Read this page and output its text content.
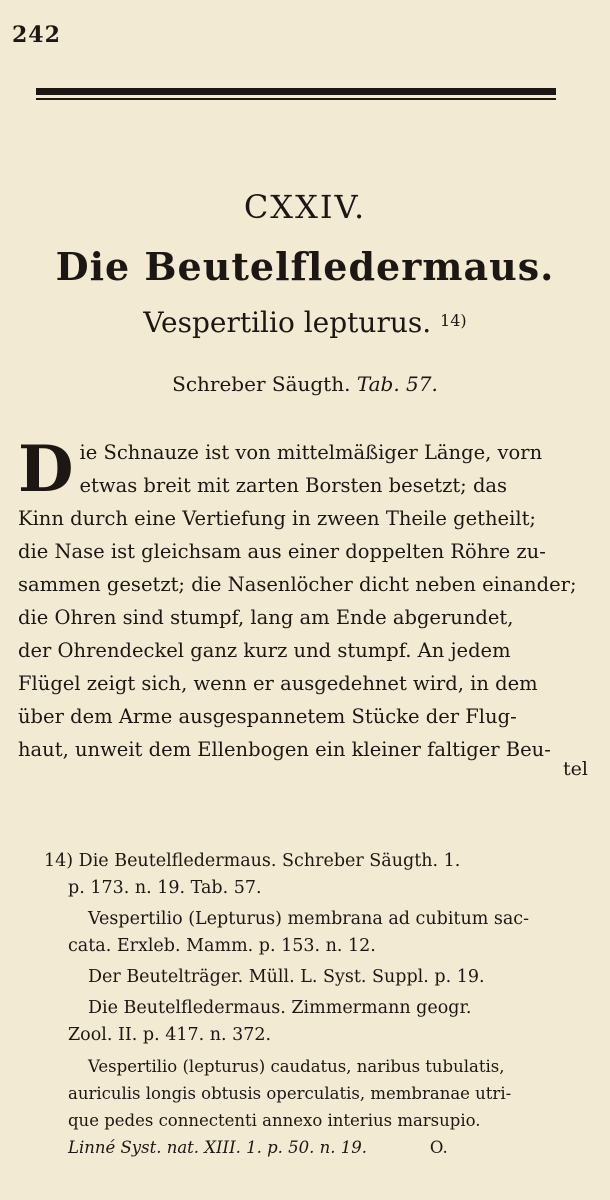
242
CXXIV.
Die Beutelfledermaus.
Vespertilio lepturus. $^{14)}$
Schreber Säugth. Tab. 57.
D ie Schnauze ist von mittelmäßiger Länge, vorn
etwas breit mit zarten Borsten besetzt; das
Kinn durch eine Vertiefung in zween Theile getheilt;
die Nase ist gleichsam aus einer doppelten Röhre zu-
sammen gesetzt; die Nasenlöcher dicht neben einander;
die Ohren sind stumpf, lang am Ende abgerundet,
der Ohrendeckel ganz kurz und stumpf. An jedem
Flügel zeigt sich, wenn er ausgedehnet wird, in dem
über dem Arme ausgespannetem Stücke der Flug-
haut, unweit dem Ellenbogen ein kleiner faltiger Beu-
tel
14) Die Beutelfledermaus. Schreber Säugth. 1.
p. 173. n. 19. Tab. 57.
Vespertilio (Lepturus) membrana ad cubitum sac-
cata. Erxleb. Mamm. p. 153. n. 12.
Der Beutelträger. Müll. L. Syst. Suppl. p. 19.
Die Beutelfledermaus. Zimmermann geogr.
Zool. II. p. 417. n. 372.
Vespertilio (lepturus) caudatus, naribus tubulatis,
auriculis longis obtusis operculatis, membranae utri-
que pedes connectenti annexo interius marsupio.
Linné Syst. nat. XIII. 1. p. 50. n. 19.	O.
